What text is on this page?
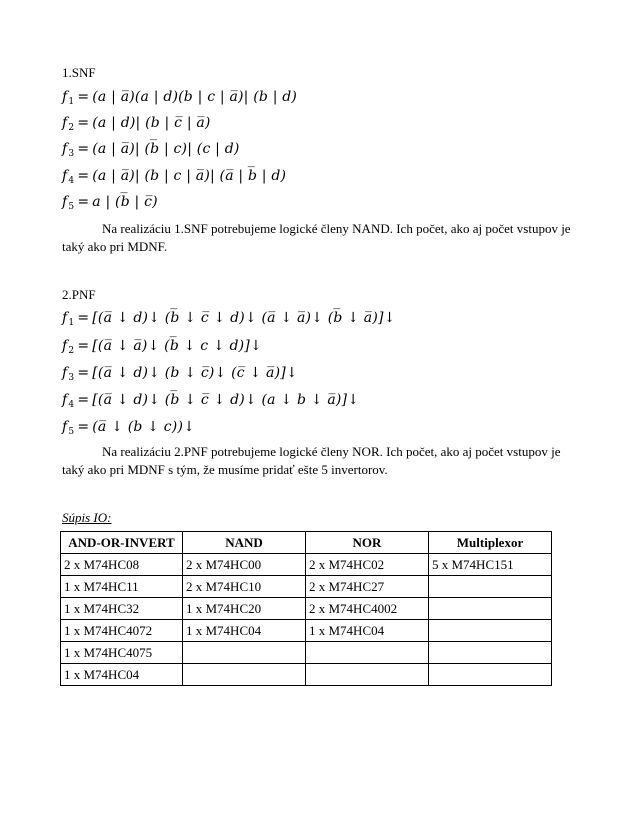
1.SNF
$f_1 = (a$ | a̅)(a | d)(b | c | a̅)| (b | d)
$f_2 = (a$ | d)| (b | c̅ | a̅)
$f_3 = (a$ | a̅)| (b̅ | c)| (c | d)
$f_4 = (a$ | a̅)| (b | c | a̅)| (a̅ | b̅ | d)
$f_5 = a$ | (b̅ | c̅)
Na realizáciu 1.SNF potrebujeme logické členy NAND. Ich počet, ako aj počet vstupov je taký ako pri MDNF.
2.PNF
$f_1$ = [(a̅ ↓ d)↓ (b̅ ↓ c̅ ↓ d)↓ (a̅ ↓ a̅)↓ (b̅ ↓ a̅)]↓
$f_2$ = [(a̅ ↓ a̅)↓ (b̅ ↓ c ↓ d)]↓
$f_3$ = [(a̅ ↓ d)↓ (b ↓ c̅)↓ (c̅ ↓ a̅)]↓
$f_4$ = [(a̅ ↓ d)↓ (b̅ ↓ c̅ ↓ d)↓ (a ↓ b ↓ a̅)]↓
$f_5$ = (a̅ ↓ (b ↓ c))↓
Na realizáciu 2.PNF potrebujeme logické členy NOR. Ich počet, ako aj počet vstupov je taký ako pri MDNF s tým, že musíme pridať ešte 5 invertorov.
Súpis IO:
AND-OR-INVERT	NAND	NOR	Multiplexor
2 x M74HC08	2 x M74HC00	2 x M74HC02	5 x M74HC151
1 x M74HC11	2 x M74HC10	2 x M74HC27	
1 x M74HC32	1 x M74HC20	2 x M74HC4002	
1 x M74HC4072	1 x M74HC04	1 x M74HC04	
1 x M74HC4075			
1 x M74HC04			
